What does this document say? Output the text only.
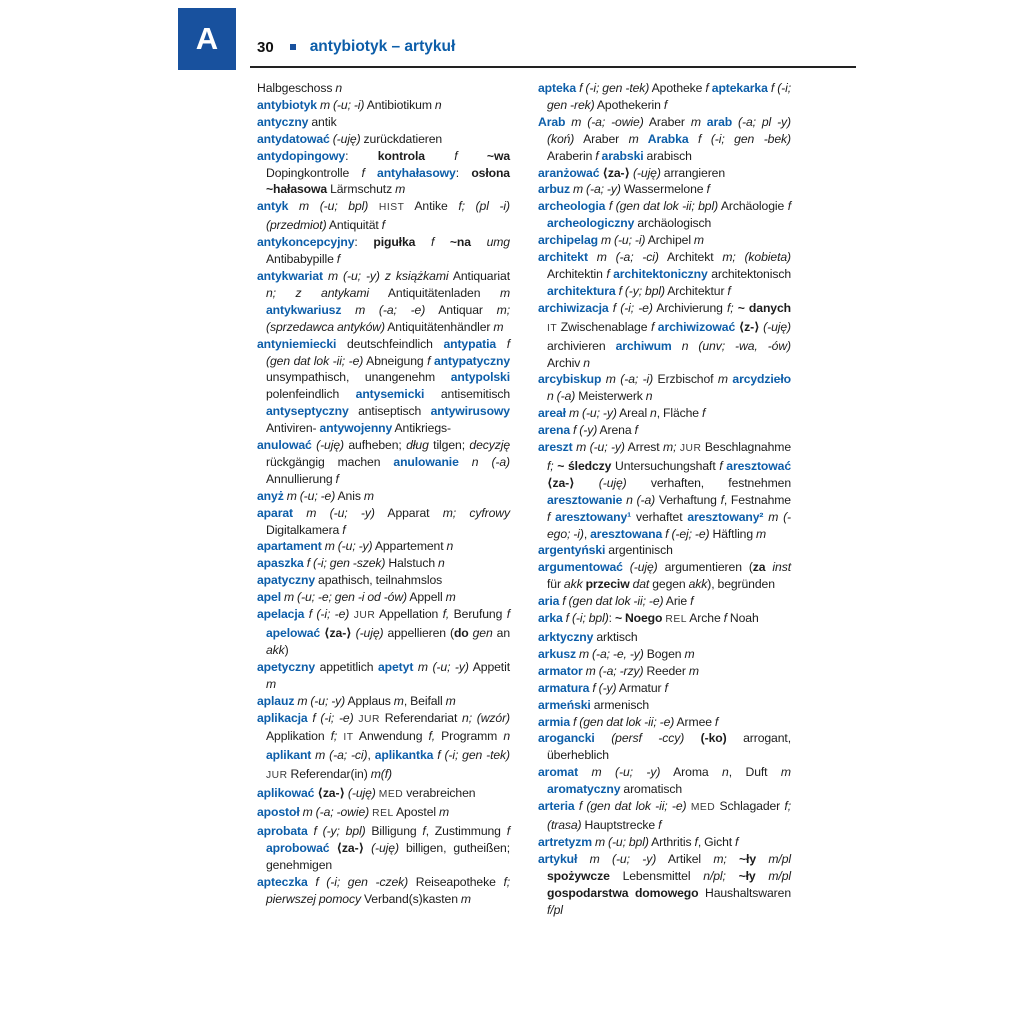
A	30 antybiotyk – artykuł

Halbgeschoss n

antybiotyk m (-u; -i) Antibiotikum n

antyczny antik

antydatować (-uję) zurückdatieren

antydopingowy: kontrola f ~wa Dopingkontrolle f antyhałasowy: osłona ~hałasowa Lärmschutz m

antyk m (-u; bpl) HIST Antike f; (pl -i) (przedmiot) Antiquität f

antykoncepcyjny: pigułka f ~na umg Antibabypille f

antykwariat m (-u; -y) z książkami Antiquariat n; z antykami Antiquitätenladen m antykwariusz m (-a; -e) Antiquar m; (sprzedawca antyków) Antiquitätenhändler m

antyniemiecki deutschfeindlich antypatia f (gen dat lok -ii; -e) Abneigung f antypatyczny unsympathisch, unangenehm antypolski polenfeindlich antysemicki antisemitisch antyseptyczny antiseptisch antywirusowy Antiviren- antywojenny Antikriegs-

anulować (-uję) aufheben; dług tilgen; decyzję rückgängig machen anulowanie n (-a) Annullierung f

anyż m (-u; -e) Anis m

aparat m (-u; -y) Apparat m; cyfrowy Digitalkamera f

apartament m (-u; -y) Appartement n

apaszka f (-i; gen -szek) Halstuch n

apatyczny apathisch, teilnahmslos

apel m (-u; -e; gen -i od -ów) Appell m

apelacja f (-i; -e) JUR Appellation f, Berufung f apelować ⟨za-⟩ (-uję) appellieren (do gen an akk)

apetyczny appetitlich apetyt m (-u; -y) Appetit m

aplauz m (-u; -y) Applaus m, Beifall m

aplikacja f (-i; -e) JUR Referendariat n; (wzór) Applikation f; IT Anwendung f, Programm n aplikant m (-a; -ci), aplikantka f (-i; gen -tek) JUR Referendar(in) m(f)

aplikować ⟨za-⟩ (-uję) MED verabreichen

apostoł m (-a; -owie) REL Apostel m

aprobata f (-y; bpl) Billigung f, Zustimmung f aprobować ⟨za-⟩ (-uję) billigen, gutheißen; genehmigen

apteczka f (-i; gen -czek) Reiseapotheke f; pierwszej pomocy Verband(s)kasten m

apteka f (-i; gen -tek) Apotheke f aptekarka f (-i; gen -rek) Apothekerin f

Arab m (-a; -owie) Araber m arab (-a; pl -y) (koń) Araber m Arabka f (-i; gen -bek) Araberin f arabski arabisch

aranżować ⟨za-⟩ (-uję) arrangieren

arbuz m (-a; -y) Wassermelone f

archeologia f (gen dat lok -ii; bpl) Archäologie f archeologiczny archäologisch

archipelag m (-u; -i) Archipel m

architekt m (-a; -ci) Architekt m; (kobieta) Architektin f architektoniczny architektonisch architektura f (-y; bpl) Architektur f

archiwizacja f (-i; -e) Archivierung f; ~ danych IT Zwischenablage f archiwizować ⟨z-⟩ (-uję) archivieren archiwum n (unv; -wa, -ów) Archiv n

arcybiskup m (-a; -i) Erzbischof m arcydzieło n (-a) Meisterwerk n

areał m (-u; -y) Areal n, Fläche f

arena f (-y) Arena f

areszt m (-u; -y) Arrest m; JUR Beschlagnahme f; ~ śledczy Untersuchungshaft f aresztować ⟨za-⟩ (-uję) verhaften, festnehmen aresztowanie n (-a) Verhaftung f, Festnahme f aresztowany¹ verhaftet aresztowany² m (-ego; -i), aresztowana f (-ej; -e) Häftling m

argentyński argentinisch

argumentować (-uję) argumentieren (za inst für akk przeciw dat gegen akk), begründen

aria f (gen dat lok -ii; -e) Arie f

arka f (-i; bpl): ~ Noego REL Arche f Noah

arktyczny arktisch

arkusz m (-a; -e, -y) Bogen m

armator m (-a; -rzy) Reeder m

armatura f (-y) Armatur f

armeński armenisch

armia f (gen dat lok -ii; -e) Armee f

arogancki (persf -ccy) (-ko) arrogant, überheblich

aromat m (-u; -y) Aroma n, Duft m aromatyczny aromatisch

arteria f (gen dat lok -ii; -e) MED Schlagader f; (trasa) Hauptstrecke f

artretyzm m (-u; bpl) Arthritis f, Gicht f

artykuł m (-u; -y) Artikel m; ~ły m/pl spożywcze Lebensmittel n/pl; ~ły m/pl gospodarstwa domowego Haushaltswaren f/pl
